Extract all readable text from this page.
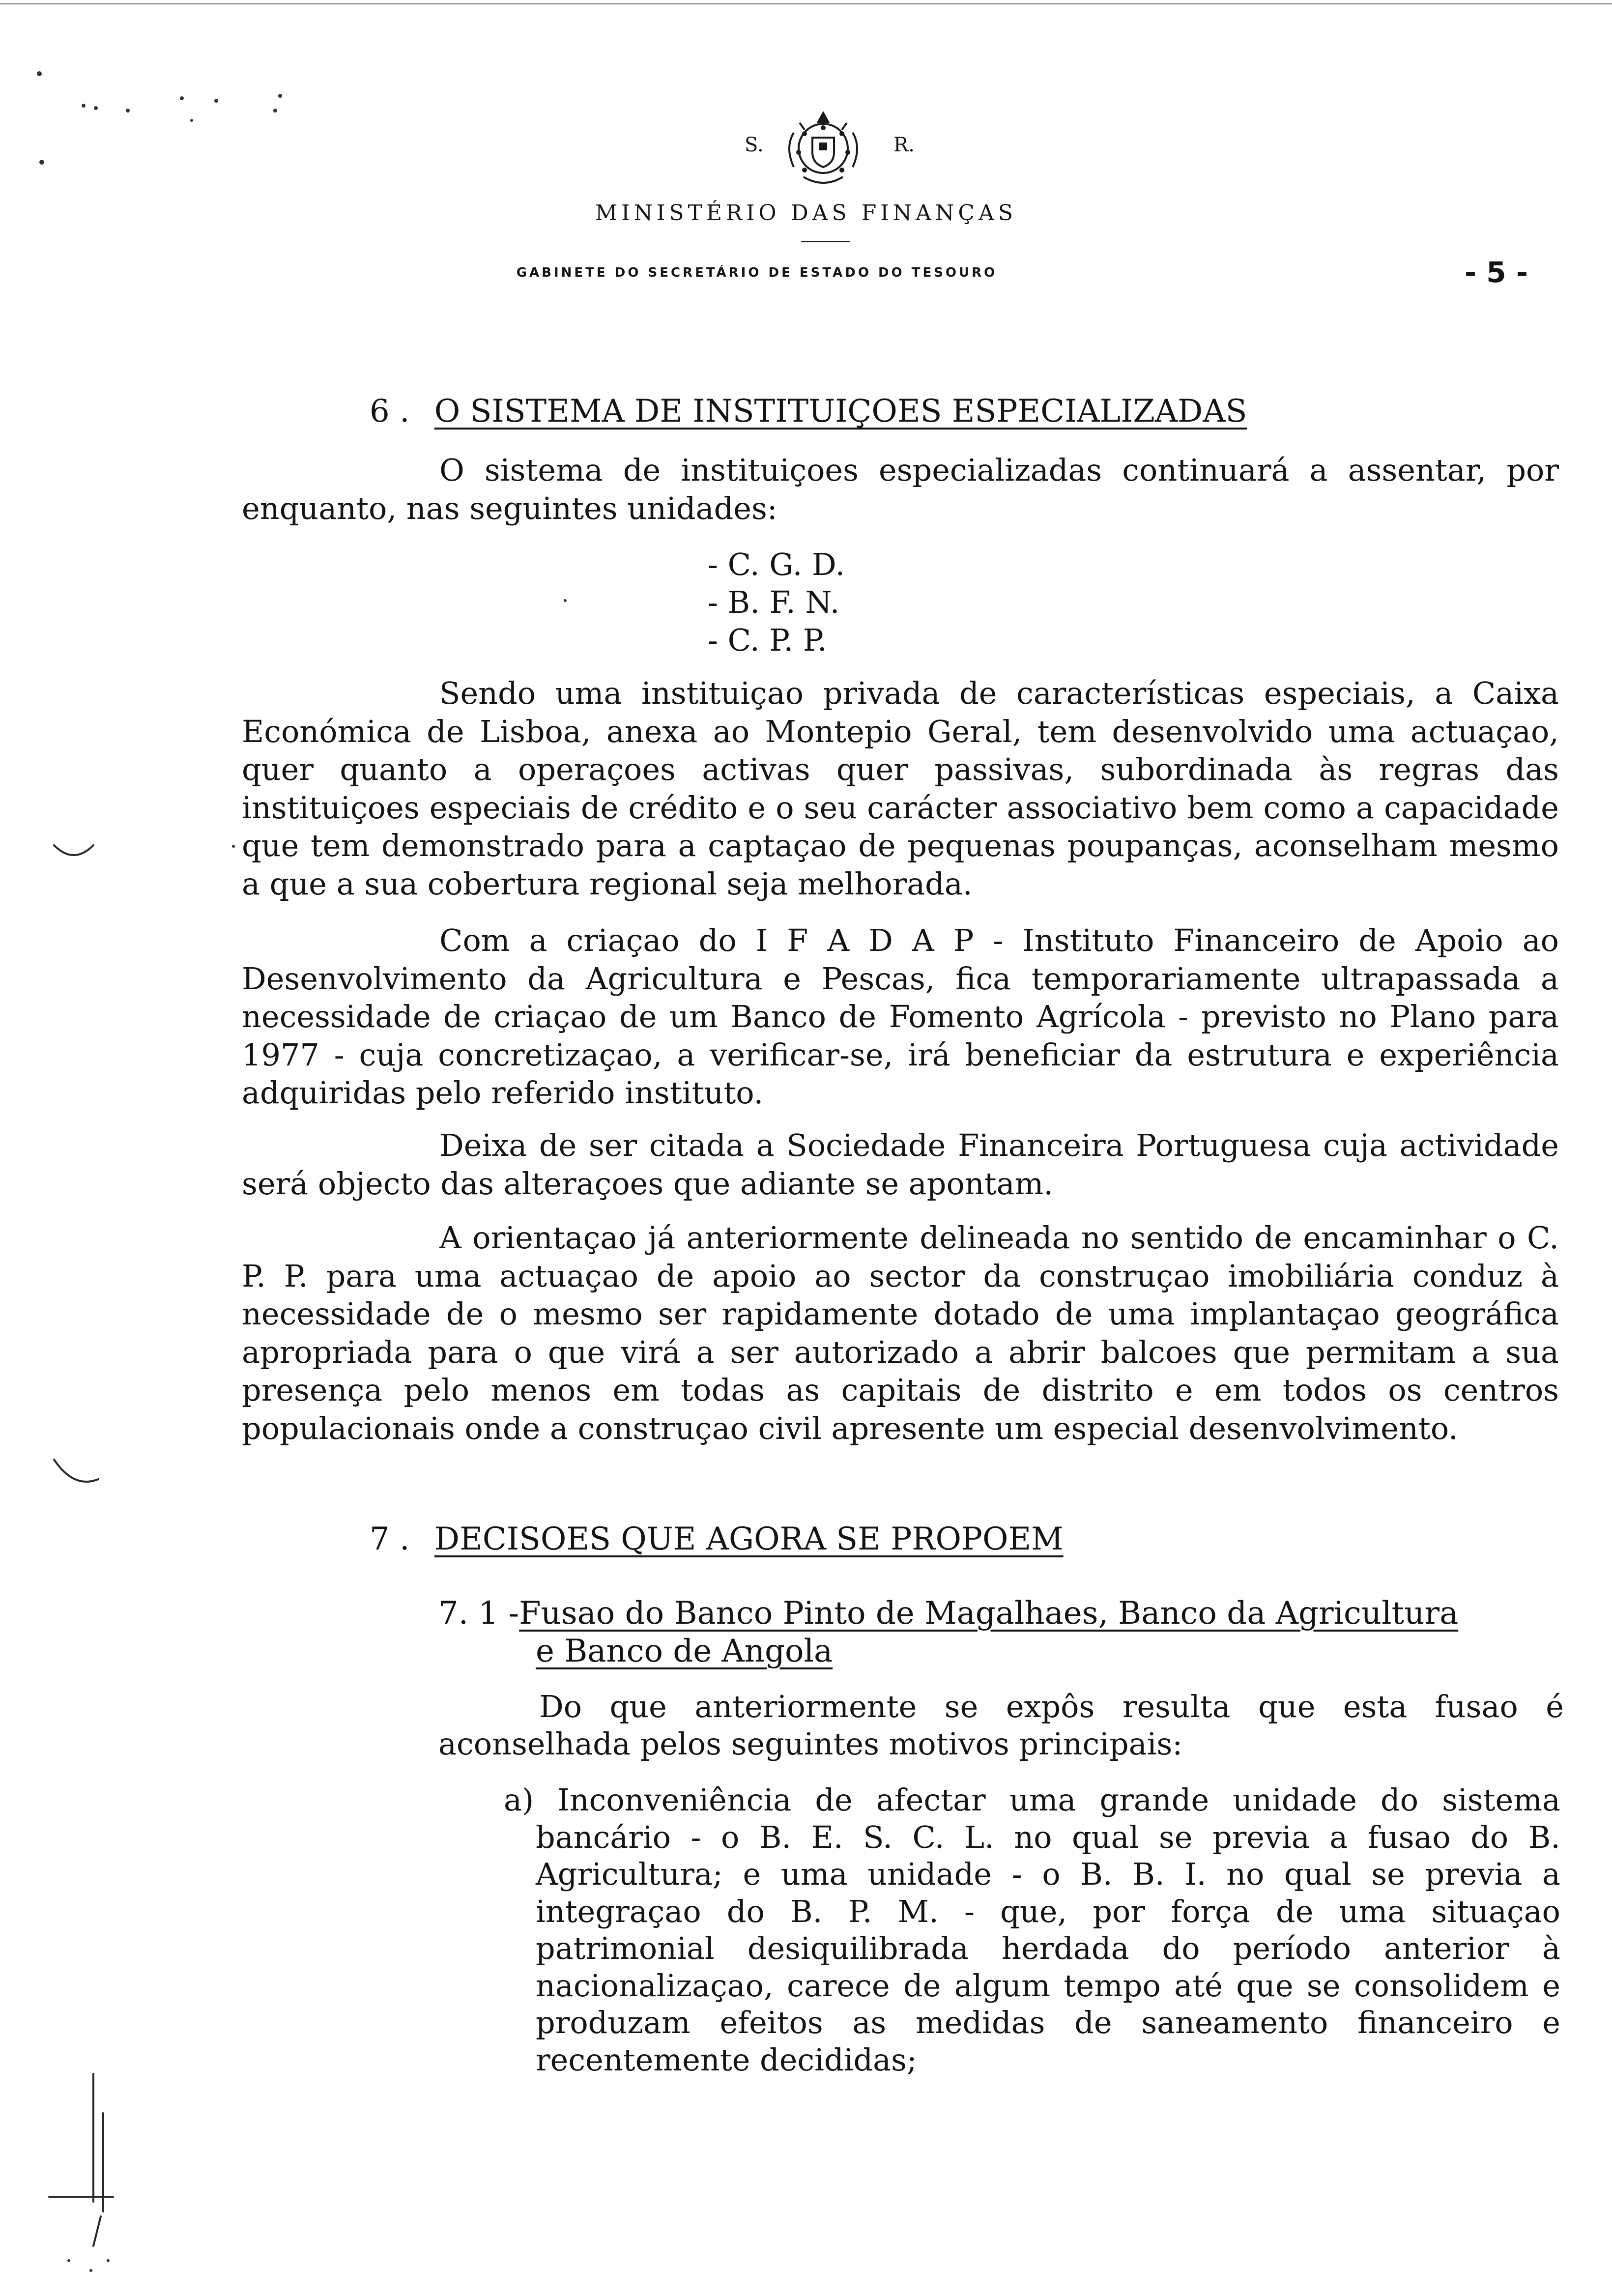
S.	R.
MINISTÉRIO DAS FINANÇAS
GABINETE DO SECRETÁRIO DE ESTADO DO TESOURO	- 5 -
6 . O SISTEMA DE INSTITUIÇOES ESPECIALIZADAS

O sistema de instituiçoes especializadas continuará a assentar, por enquanto, nas seguintes unidades:

- C. G. D.
- B. F. N.
- C. P. P.

Sendo uma instituiçao privada de características especiais, a Caixa Económica de Lisboa, anexa ao Montepio Geral, tem desenvolvido uma actuaçao, quer quanto a operaçoes activas quer passivas, subordinada às regras das instituiçoes especiais de crédito e o seu carácter associativo bem como a capacidade que tem demonstrado para a captaçao de pequenas poupanças, aconselham mesmo a que a sua cobertura regional seja melhorada.

Com a criaçao do I F A D A P - Instituto Financeiro de Apoio ao Desenvolvimento da Agricultura e Pescas, fica temporariamente ultrapassada a necessidade de criaçao de um Banco de Fomento Agrícola - previsto no Plano para 1977 - cuja concretizaçao, a verificar-se, irá beneficiar da estrutura e experiência adquiridas pelo referido instituto.

Deixa de ser citada a Sociedade Financeira Portuguesa cuja actividade será objecto das alteraçoes que adiante se apontam.

A orientaçao já anteriormente delineada no sentido de encaminhar o C. P. P. para uma actuaçao de apoio ao sector da construçao imobiliária conduz à necessidade de o mesmo ser rapidamente dotado de uma implantaçao geográfica apropriada para o que virá a ser autorizado a abrir balcoes que permitam a sua presença pelo menos em todas as capitais de distrito e em todos os centros populacionais onde a construçao civil apresente um especial desenvolvimento.

7 . DECISOES QUE AGORA SE PROPOEM
7. 1 -Fusao do Banco Pinto de Magalhaes, Banco da Agricultura
e Banco de Angola

Do que anteriormente se expôs resulta que esta fusao é aconselhada pelos seguintes motivos principais:

a) Inconveniência de afectar uma grande unidade do sistema bancário - o B. E. S. C. L. no qual se previa a fusao do B. Agricultura; e uma unidade - o B. B. I. no qual se previa a integraçao do B. P. M. - que, por força de uma situaçao patrimonial desiquilibrada herdada do período anterior à nacionalizaçao, carece de algum tempo até que se consolidem e produzam efeitos as medidas de saneamento financeiro e recentemente decididas;
